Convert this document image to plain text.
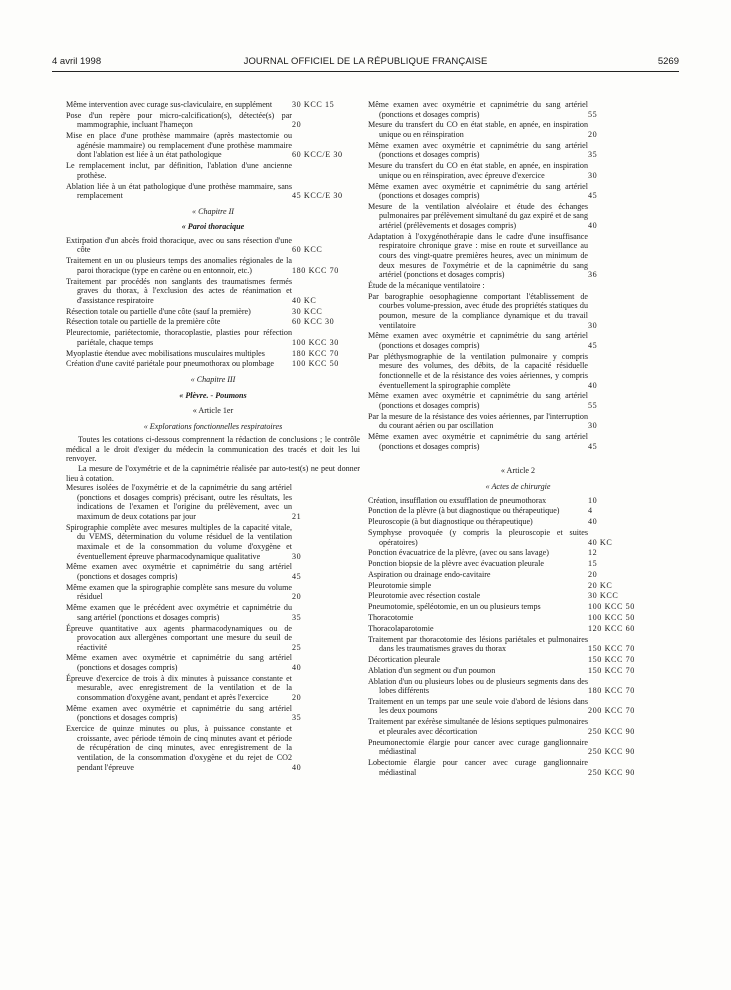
4 avril 1998	JOURNAL OFFICIEL DE LA RÉPUBLIQUE FRANÇAISE	5269
Même intervention avec curage sus-claviculaire, en supplément	30 KCC 15
Pose d'un repère pour micro-calcification(s), détectée(s) par mammographie, incluant l'hameçon	20
Mise en place d'une prothèse mammaire (après mastectomie ou agénésie mammaire) ou remplacement d'une prothèse mammaire dont l'ablation est liée à un état pathologique	60 KCC/E 30
Le remplacement inclut, par définition, l'ablation d'une ancienne prothèse.
Ablation liée à un état pathologique d'une prothèse mammaire, sans remplacement	45 KCC/E 30
« Chapitre II
« Paroi thoracique
Extirpation d'un abcès froid thoracique, avec ou sans résection d'une côte	60 KCC
Traitement en un ou plusieurs temps des anomalies régionales de la paroi thoracique (type en carène ou en entonnoir, etc.)	180 KCC 70
Traitement par procédés non sanglants des traumatismes fermés graves du thorax, à l'exclusion des actes de réanimation et d'assistance respiratoire	40 KC
Résection totale ou partielle d'une côte (sauf la première)	30 KCC
Résection totale ou partielle de la première côte	60 KCC 30
Pleurectomie, pariétectomie, thoracoplastie, plasties pour réfection pariétale, chaque temps	100 KCC 30
Myoplastie étendue avec mobilisations musculaires multiples	180 KCC 70
Création d'une cavité pariétale pour pneumothorax ou plombage	100 KCC 50
« Chapitre III
« Plèvre. - Poumons
« Article 1er
« Explorations fonctionnelles respiratoires

Toutes les cotations ci-dessous comprennent la rédaction de conclusions ; le contrôle médical a le droit d'exiger du médecin la communication des tracés et doit les lui renvoyer.

La mesure de l'oxymétrie et de la capnimétrie réalisée par auto-test(s) ne peut donner lieu à cotation.

Mesures isolées de l'oxymétrie et de la capnimétrie du sang artériel (ponctions et dosages compris) précisant, outre les résultats, les indications de l'examen et l'origine du prélèvement, avec un maximum de deux cotations par jour	21
Spirographie complète avec mesures multiples de la capacité vitale, du VEMS, détermination du volume résiduel de la ventilation maximale et de la consommation du volume d'oxygène et éventuellement épreuve pharmacodynamique qualitative	30
Même examen avec oxymétrie et capnimétrie du sang artériel (ponctions et dosages compris)	45
Même examen que la spirographie complète sans mesure du volume résiduel	20
Même examen que le précédent avec oxymétrie et capnimétrie du sang artériel (ponctions et dosages compris)	35
Épreuve quantitative aux agents pharmacodynamiques ou de provocation aux allergènes comportant une mesure du seuil de réactivité	25
Même examen avec oxymétrie et capnimétrie du sang artériel (ponctions et dosages compris)	40
Épreuve d'exercice de trois à dix minutes à puissance constante et mesurable, avec enregistrement de la ventilation et de la consommation d'oxygène avant, pendant et après l'exercice	20
Même examen avec oxymétrie et capnimétrie du sang artériel (ponctions et dosages compris)	35
Exercice de quinze minutes ou plus, à puissance constante et croissante, avec période témoin de cinq minutes avant et période de récupération de cinq minutes, avec enregistrement de la ventilation, de la consommation d'oxygène et du rejet de CO2 pendant l'épreuve	40
Même examen avec oxymétrie et capnimétrie du sang artériel (ponctions et dosages compris)	55
Mesure du transfert du CO en état stable, en apnée, en inspiration unique ou en réinspiration	20
Même examen avec oxymétrie et capnimétrie du sang artériel (ponctions et dosages compris)	35
Mesure du transfert du CO en état stable, en apnée, en inspiration unique ou en réinspiration, avec épreuve d'exercice	30
Même examen avec oxymétrie et capnimétrie du sang artériel (ponctions et dosages compris)	45
Mesure de la ventilation alvéolaire et étude des échanges pulmonaires par prélèvement simultané du gaz expiré et de sang artériel (prélèvements et dosages compris)	40
Adaptation à l'oxygénothérapie dans le cadre d'une insuffisance respiratoire chronique grave : mise en route et surveillance au cours des vingt-quatre premières heures, avec un minimum de deux mesures de l'oxymétrie et de la capnimétrie du sang artériel (ponctions et dosages compris)	36
Étude de la mécanique ventilatoire :
Par barographie oesophagienne comportant l'établissement de courbes volume-pression, avec étude des propriétés statiques du poumon, mesure de la compliance dynamique et du travail ventilatoire	30
Même examen avec oxymétrie et capnimétrie du sang artériel (ponctions et dosages compris)	45
Par pléthysmographie de la ventilation pulmonaire y compris mesure des volumes, des débits, de la capacité résiduelle fonctionnelle et de la résistance des voies aériennes, y compris éventuellement la spirographie complète	40
Même examen avec oxymétrie et capnimétrie du sang artériel (ponctions et dosages compris)	55
Par la mesure de la résistance des voies aériennes, par l'interruption du courant aérien ou par oscillation	30
Même examen avec oxymétrie et capnimétrie du sang artériel (ponctions et dosages compris)	45
« Article 2
« Actes de chirurgie
Création, insufflation ou exsufflation de pneumothorax	10
Ponction de la plèvre (à but diagnostique ou thérapeutique)	4
Pleuroscopie (à but diagnostique ou thérapeutique)	40
Symphyse provoquée (y compris la pleuroscopie et suites opératoires)	40 KC
Ponction évacuatrice de la plèvre, (avec ou sans lavage)	12
Ponction biopsie de la plèvre avec évacuation pleurale	15
Aspiration ou drainage endo-cavitaire	20
Pleurotomie simple	20 KC
Pleurotomie avec résection costale	30 KCC
Pneumotomie, spéléotomie, en un ou plusieurs temps	100 KCC 50
Thoracotomie	100 KCC 50
Thoracolaparotomie	120 KCC 60
Traitement par thoracotomie des lésions pariétales et pulmonaires dans les traumatismes graves du thorax	150 KCC 70
Décortication pleurale	150 KCC 70
Ablation d'un segment ou d'un poumon	150 KCC 70
Ablation d'un ou plusieurs lobes ou de plusieurs segments dans des lobes différents	180 KCC 70
Traitement en un temps par une seule voie d'abord de lésions dans les deux poumons	200 KCC 70
Traitement par exérèse simultanée de lésions septiques pulmonaires et pleurales avec décortication	250 KCC 90
Pneumonectomie élargie pour cancer avec curage ganglionnaire médiastinal	250 KCC 90
Lobectomie élargie pour cancer avec curage ganglionnaire médiastinal	250 KCC 90
